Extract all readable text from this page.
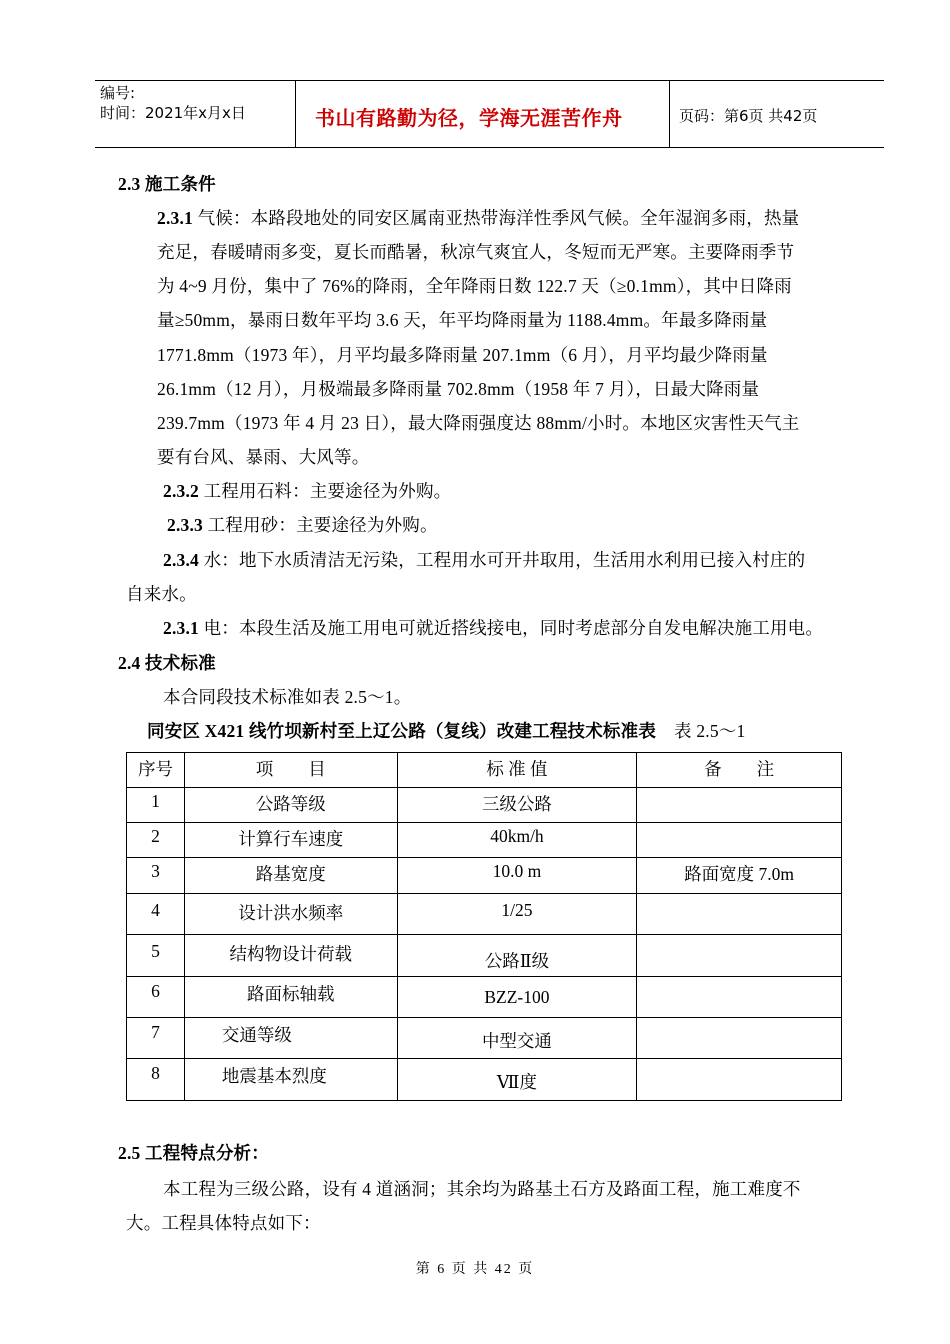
编号:
时间：2021年x月x日	书山有路勤为径，学海无涯苦作舟	页码：第6页 共42页
2.3 施工条件
2.3.1 气候：本路段地处的同安区属南亚热带海洋性季风气候。全年湿润多雨，热量
充足，春暖晴雨多变，夏长而酷暑，秋凉气爽宜人，冬短而无严寒。主要降雨季节
为 4~9 月份，集中了 76%的降雨，全年降雨日数 122.7 天（≥0.1mm），其中日降雨
量≥50mm，暴雨日数年平均 3.6 天，年平均降雨量为 1188.4mm。年最多降雨量
1771.8mm（1973 年），月平均最多降雨量 207.1mm（6 月），月平均最少降雨量
26.1mm（12 月），月极端最多降雨量 702.8mm（1958 年 7 月），日最大降雨量
239.7mm（1973 年 4 月 23 日），最大降雨强度达 88mm/小时。本地区灾害性天气主
要有台风、暴雨、大风等。
2.3.2 工程用石料：主要途径为外购。
2.3.3 工程用砂：主要途径为外购。
2.3.4 水：地下水质清洁无污染，工程用水可开井取用，生活用水利用已接入村庄的
自来水。
2.3.1 电：本段生活及施工用电可就近搭线接电，同时考虑部分自发电解决施工用电。
2.4 技术标准
本合同段技术标准如表 2.5～1。
同安区 X421 线竹坝新村至上辽公路（复线）改建工程技术标准表 表 2.5～1
序号	项　　目	标 准 值	备　　注
1	公路等级	三级公路	
2	计算行车速度	40km/h	
3	路基宽度	10.0 m	路面宽度 7.0m
4	设计洪水频率	1/25	
5	结构物设计荷载	公路Ⅱ级	
6	路面标轴载	BZZ-100	
7	交通等级	中型交通	
8	地震基本烈度	Ⅶ度	
2.5 工程特点分析：
本工程为三级公路，设有 4 道涵洞；其余均为路基土石方及路面工程，施工难度不
大。工程具体特点如下：
第 6 页 共 42 页
